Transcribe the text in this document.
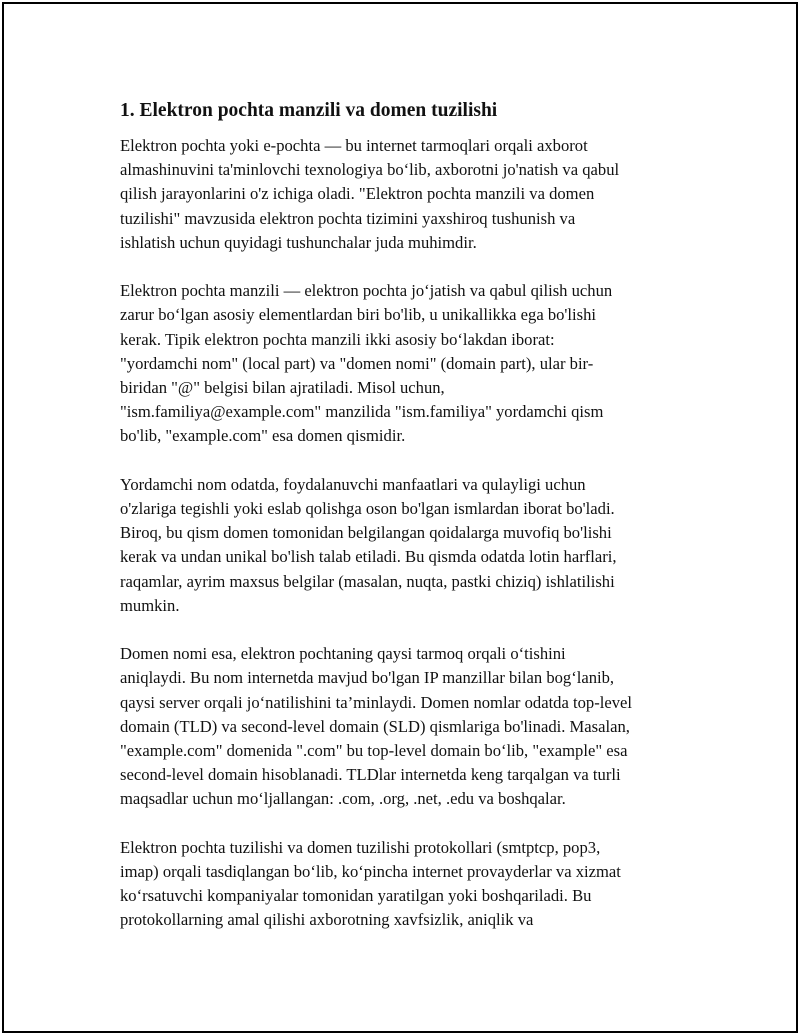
1. Elektron pochta manzili va domen tuzilishi
Elektron pochta yoki e-pochta — bu internet tarmoqlari orqali axborot
almashinuvini ta'minlovchi texnologiya bo‘lib, axborotni jo'natish va qabul
qilish jarayonlarini o'z ichiga oladi. "Elektron pochta manzili va domen
tuzilishi" mavzusida elektron pochta tizimini yaxshiroq tushunish va
ishlatish uchun quyidagi tushunchalar juda muhimdir.
Elektron pochta manzili — elektron pochta jo‘jatish va qabul qilish uchun
zarur bo‘lgan asosiy elementlardan biri bo'lib, u unikallikka ega bo'lishi
kerak. Tipik elektron pochta manzili ikki asosiy bo‘lakdan iborat:
"yordamchi nom" (local part) va "domen nomi" (domain part), ular bir-
biridan "@" belgisi bilan ajratiladi. Misol uchun,
"ism.familiya@example.com" manzilida "ism.familiya" yordamchi qism
bo'lib, "example.com" esa domen qismidir.
Yordamchi nom odatda, foydalanuvchi manfaatlari va qulayligi uchun
o'zlariga tegishli yoki eslab qolishga oson bo'lgan ismlardan iborat bo'ladi.
Biroq, bu qism domen tomonidan belgilangan qoidalarga muvofiq bo'lishi
kerak va undan unikal bo'lish talab etiladi. Bu qismda odatda lotin harflari,
raqamlar, ayrim maxsus belgilar (masalan, nuqta, pastki chiziq) ishlatilishi
mumkin.
Domen nomi esa, elektron pochtaning qaysi tarmoq orqali o‘tishini
aniqlaydi. Bu nom internetda mavjud bo'lgan IP manzillar bilan bog‘lanib,
qaysi server orqali jo‘natilishini ta’minlaydi. Domen nomlar odatda top-level
domain (TLD) va second-level domain (SLD) qismlariga bo'linadi. Masalan,
"example.com" domenida ".com" bu top-level domain bo‘lib, "example" esa
second-level domain hisoblanadi. TLDlar internetda keng tarqalgan va turli
maqsadlar uchun mo‘ljallangan: .com, .org, .net, .edu va boshqalar.
Elektron pochta tuzilishi va domen tuzilishi protokollari (smtptcp, pop3,
imap) orqali tasdiqlangan bo‘lib, ko‘pincha internet provayderlar va xizmat
ko‘rsatuvchi kompaniyalar tomonidan yaratilgan yoki boshqariladi. Bu
protokollarning amal qilishi axborotning xavfsizlik, aniqlik va
